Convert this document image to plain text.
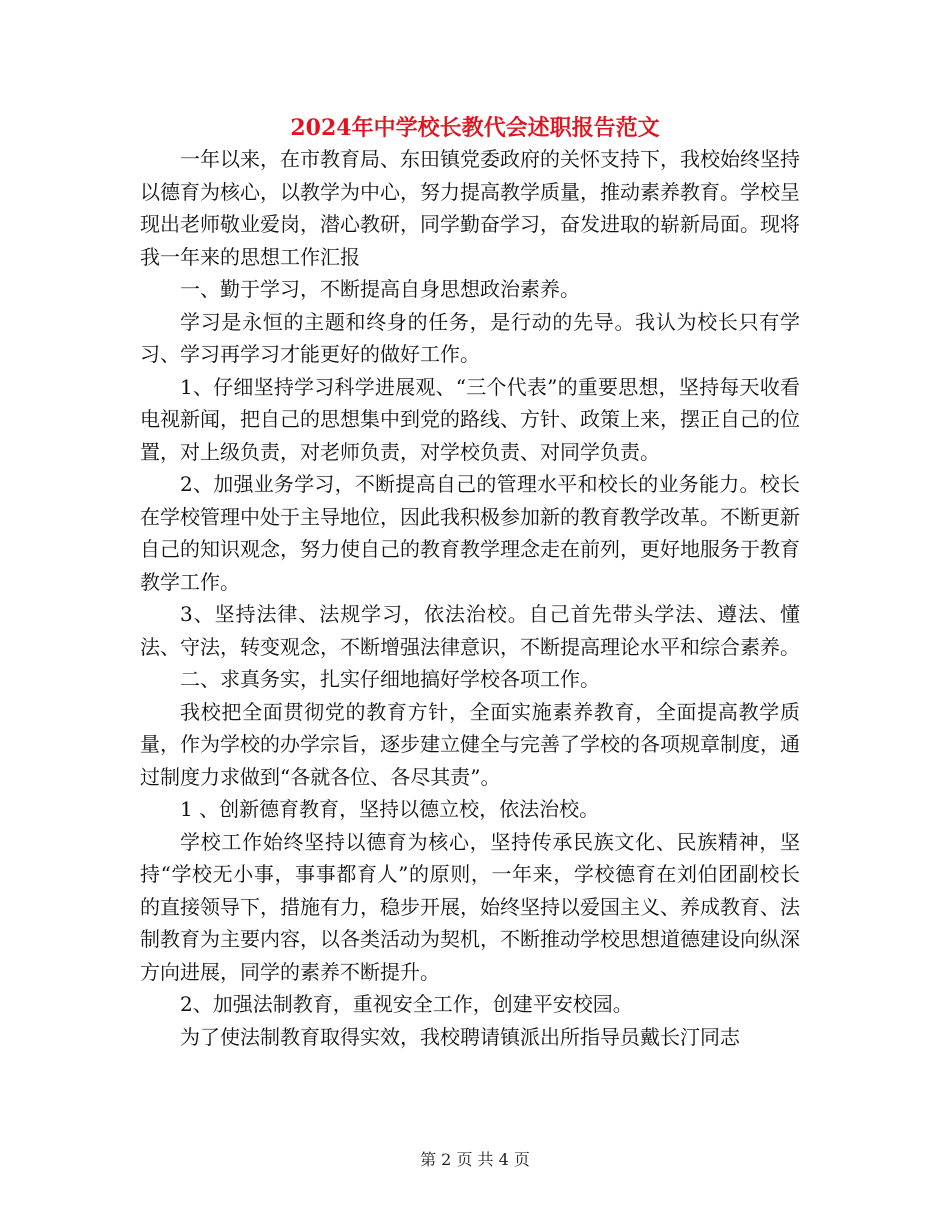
2024年中学校长教代会述职报告范文

一年以来，在市教育局、东田镇党委政府的关怀支持下，我校始终坚持以德育为核心，以教学为中心，努力提高教学质量，推动素养教育。学校呈现出老师敬业爱岗，潜心教研，同学勤奋学习，奋发进取的崭新局面。现将我一年来的思想工作汇报

一、勤于学习，不断提高自身思想政治素养。

学习是永恒的主题和终身的任务，是行动的先导。我认为校长只有学习、学习再学习才能更好的做好工作。

1、仔细坚持学习科学进展观、“三个代表”的重要思想，坚持每天收看电视新闻，把自己的思想集中到党的路线、方针、政策上来，摆正自己的位置，对上级负责，对老师负责，对学校负责、对同学负责。

2、加强业务学习，不断提高自己的管理水平和校长的业务能力。校长在学校管理中处于主导地位，因此我积极参加新的教育教学改革。不断更新自己的知识观念，努力使自己的教育教学理念走在前列，更好地服务于教育教学工作。

3、坚持法律、法规学习，依法治校。自己首先带头学法、遵法、懂法、守法，转变观念，不断增强法律意识，不断提高理论水平和综合素养。

二、求真务实，扎实仔细地搞好学校各项工作。

我校把全面贯彻党的教育方针，全面实施素养教育，全面提高教学质量，作为学校的办学宗旨，逐步建立健全与完善了学校的各项规章制度，通过制度力求做到“各就各位、各尽其责”。

1 、创新德育教育，坚持以德立校，依法治校。

学校工作始终坚持以德育为核心，坚持传承民族文化、民族精神，坚持“学校无小事，事事都育人”的原则，一年来，学校德育在刘伯团副校长的直接领导下，措施有力，稳步开展，始终坚持以爱国主义、养成教育、法制教育为主要内容，以各类活动为契机，不断推动学校思想道德建设向纵深方向进展，同学的素养不断提升。

2、加强法制教育，重视安全工作，创建平安校园。

为了使法制教育取得实效，我校聘请镇派出所指导员戴长汀同志

第 2 页 共 4 页
